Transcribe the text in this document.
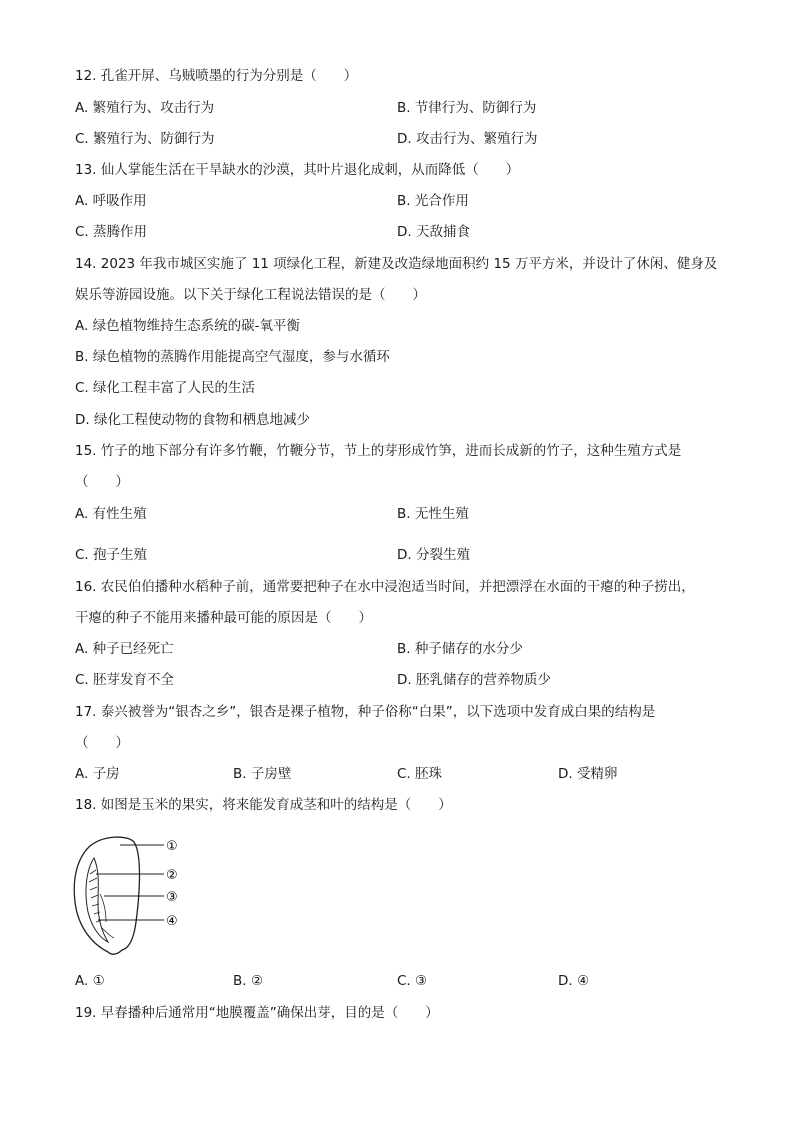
12. 孔雀开屏、乌贼喷墨的行为分别是（　　）
A. 繁殖行为、攻击行为	B. 节律行为、防御行为
C. 繁殖行为、防御行为	D. 攻击行为、繁殖行为
13. 仙人掌能生活在干旱缺水的沙漠，其叶片退化成刺，从而降低（　　）
A. 呼吸作用	B. 光合作用
C. 蒸腾作用	D. 天敌捕食
14. 2023 年我市城区实施了 11 项绿化工程，新建及改造绿地面积约 15 万平方米，并设计了休闲、健身及
娱乐等游园设施。以下关于绿化工程说法错误的是（　　）
A. 绿色植物维持生态系统的碳-氧平衡
B. 绿色植物的蒸腾作用能提高空气湿度，参与水循环
C. 绿化工程丰富了人民的生活
D. 绿化工程使动物的食物和栖息地减少
15. 竹子的地下部分有许多竹鞭，竹鞭分节，节上的芽形成竹笋，进而长成新的竹子，这种生殖方式是
（　　）
A. 有性生殖	B. 无性生殖
C. 孢子生殖	D. 分裂生殖
16. 农民伯伯播种水稻种子前，通常要把种子在水中浸泡适当时间，并把漂浮在水面的干瘪的种子捞出，
干瘪的种子不能用来播种最可能的原因是（　　）
A. 种子已经死亡	B. 种子储存的水分少
C. 胚芽发育不全	D. 胚乳储存的营养物质少
17. 泰兴被誉为“银杏之乡”，银杏是裸子植物，种子俗称“白果”，以下选项中发育成白果的结构是
（　　）
A. 子房	B. 子房壁	C. 胚珠	D. 受精卵
18. 如图是玉米的果实，将来能发育成茎和叶的结构是（　　）
①
②
③
④
A. ①	B. ②	C. ③	D. ④
19. 早春播种后通常用“地膜覆盖”确保出芽，目的是（　　）
